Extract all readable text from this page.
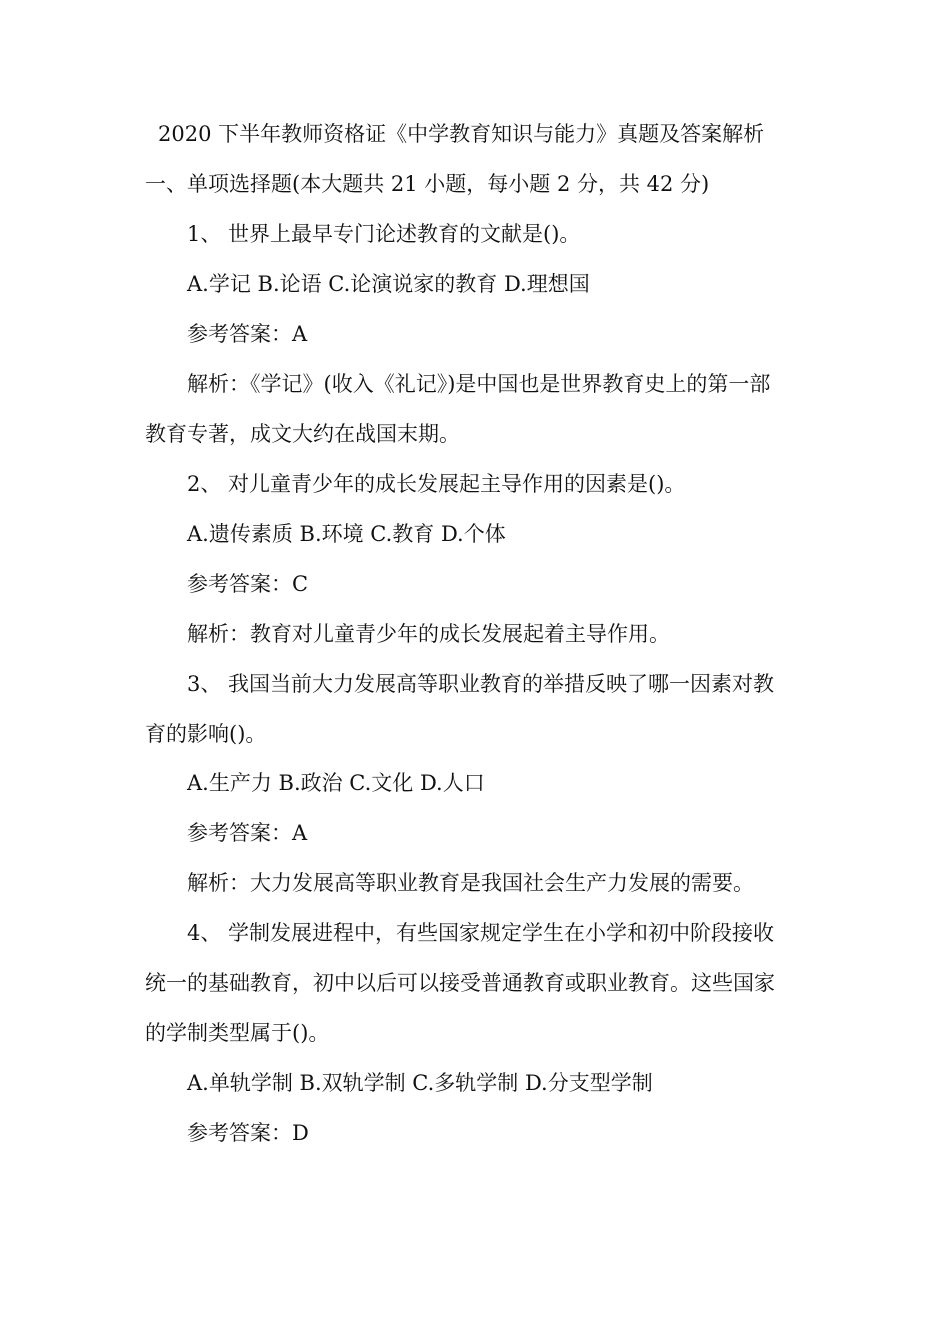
2020 下半年教师资格证《中学教育知识与能力》真题及答案解析
一、单项选择题(本大题共 21 小题，每小题 2 分，共 42 分)
1、 世界上最早专门论述教育的文献是()。
A.学记 B.论语 C.论演说家的教育 D.理想国
参考答案：A
解析：《学记》(收入《礼记》)是中国也是世界教育史上的第一部
教育专著，成文大约在战国末期。
2、 对儿童青少年的成长发展起主导作用的因素是()。
A.遗传素质 B.环境 C.教育 D.个体
参考答案：C
解析：教育对儿童青少年的成长发展起着主导作用。
3、 我国当前大力发展高等职业教育的举措反映了哪一因素对教
育的影响()。
A.生产力 B.政治 C.文化 D.人口
参考答案：A
解析：大力发展高等职业教育是我国社会生产力发展的需要。
4、 学制发展进程中，有些国家规定学生在小学和初中阶段接收
统一的基础教育，初中以后可以接受普通教育或职业教育。这些国家
的学制类型属于()。
A.单轨学制 B.双轨学制 C.多轨学制 D.分支型学制
参考答案：D
